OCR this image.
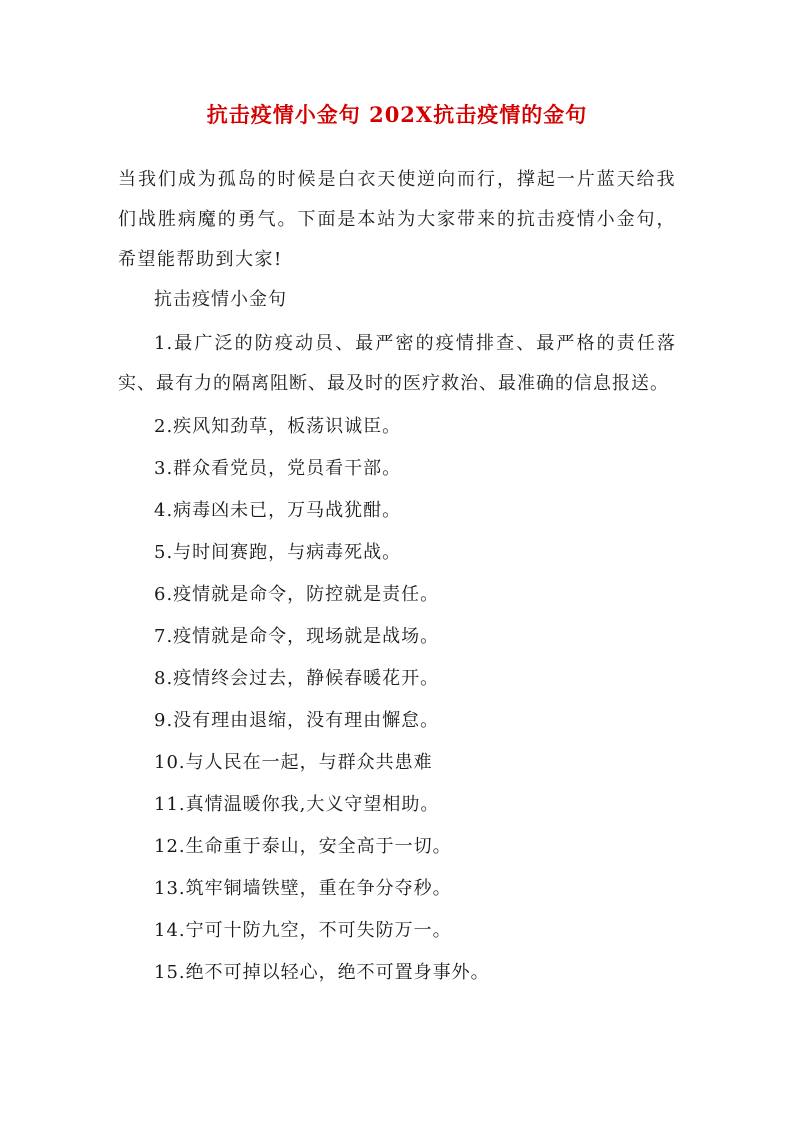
抗击疫情小金句 202X抗击疫情的金句

当我们成为孤岛的时候是白衣天使逆向而行，撑起一片蓝天给我们战胜病魔的勇气。下面是本站为大家带来的抗击疫情小金句，希望能帮助到大家!

抗击疫情小金句

1.最广泛的防疫动员、最严密的疫情排查、最严格的责任落实、最有力的隔离阻断、最及时的医疗救治、最准确的信息报送。
2.疾风知劲草，板荡识诚臣。
3.群众看党员，党员看干部。
4.病毒凶未已，万马战犹酣。
5.与时间赛跑，与病毒死战。
6.疫情就是命令，防控就是责任。
7.疫情就是命令，现场就是战场。
8.疫情终会过去，静候春暖花开。
9.没有理由退缩，没有理由懈怠。
10.与人民在一起，与群众共患难
11.真情温暖你我,大义守望相助。
12.生命重于泰山，安全高于一切。
13.筑牢铜墙铁壁，重在争分夺秒。
14.宁可十防九空，不可失防万一。
15.绝不可掉以轻心，绝不可置身事外。
